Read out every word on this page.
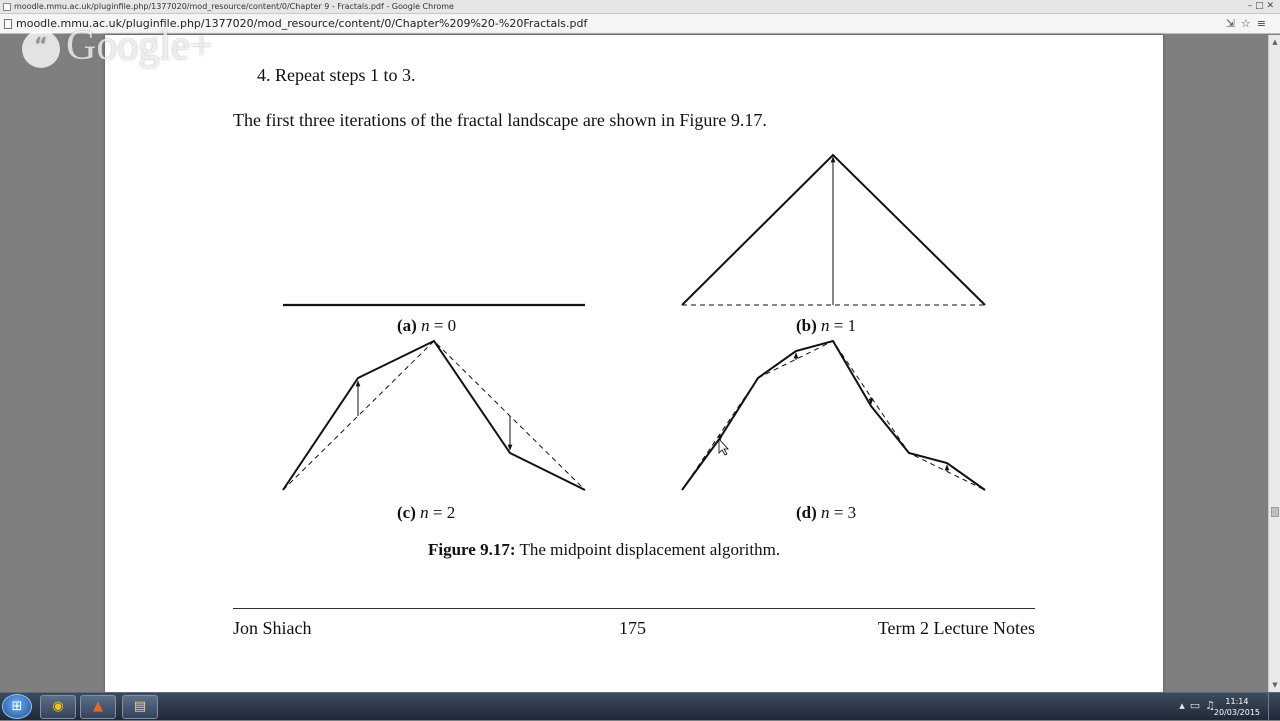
moodle.mmu.ac.uk/pluginfile.php/1377020/mod_resource/content/0/Chapter 9 - Fractals.pdf - Google Chrome	– □ ✕
moodle.mmu.ac.uk/pluginfile.php/1377020/mod_resource/content/0/Chapter%209%20-%20Fractals.pdf	⇲☆≡
4. Repeat steps 1 to 3.
The first three iterations of the fractal landscape are shown in Figure 9.17.
(a) n = 0	(b) n = 1
(c) n = 2	(d) n = 3
Figure 9.17: The midpoint displacement algorithm.
Jon Shiach	175	Term 2 Lecture Notes
“ Google+	▲
▼
⊞	◉	▲	▤	▴▭♫ 11:14
20/03/2015
